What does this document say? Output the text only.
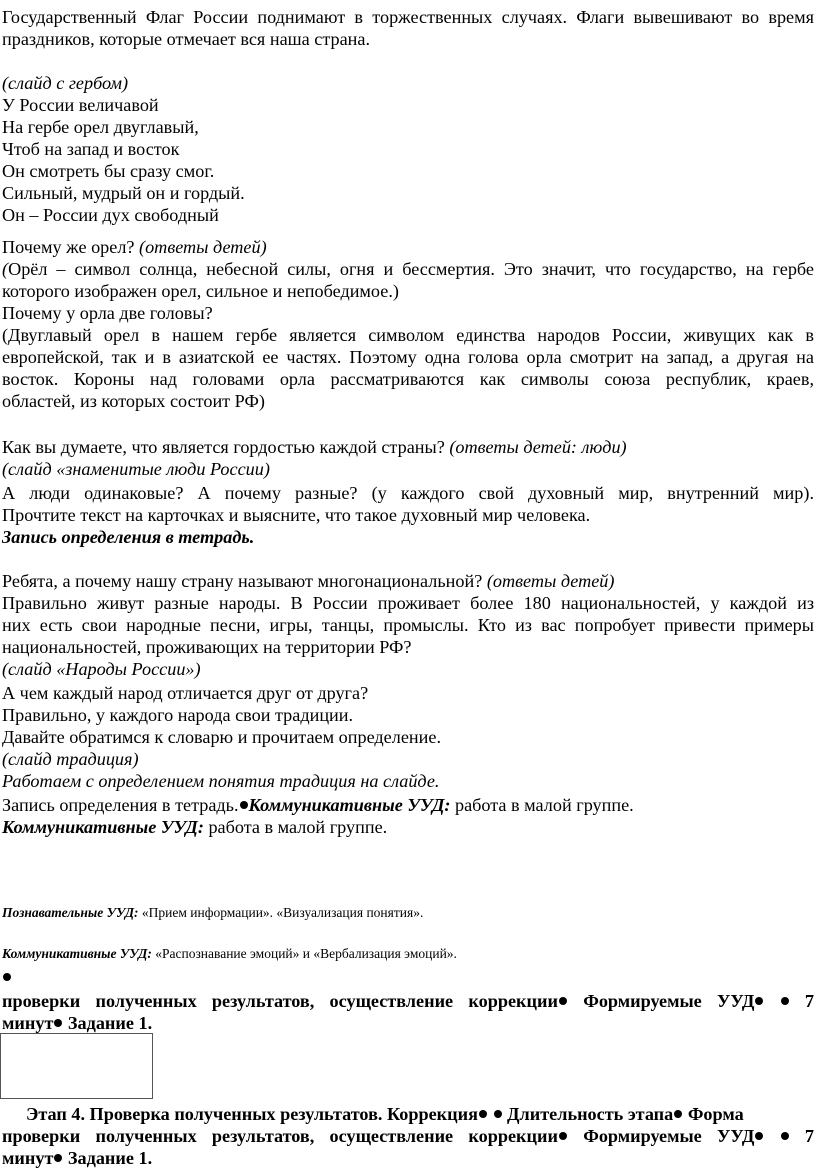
Государственный Флаг России поднимают в торжественных случаях. Флаги вывешивают во время
праздников, которые отмечает вся наша страна.
(слайд с гербом)
У России величавой
На гербе орел двуглавый,
Чтоб на запад и восток
Он смотреть бы сразу смог.
Сильный, мудрый он и гордый.
Он – России дух свободный
Почему же орел? (ответы детей)
(Орёл – символ солнца, небесной силы, огня и бессмертия. Это значит, что государство, на гербе
которого изображен орел, сильное и непобедимое.)
Почему у орла две головы?
(Двуглавый орел в нашем гербе является символом единства народов России, живущих как в
европейской, так и в азиатской ее частях. Поэтому одна голова орла смотрит на запад, а другая на
восток. Короны над головами орла рассматриваются как символы союза республик, краев,
областей, из которых состоит РФ)
Как вы думаете, что является гордостью каждой страны? (ответы детей: люди)
(слайд «знаменитые люди России)
А люди одинаковые? А почему разные? (у каждого свой духовный мир, внутренний мир).
Прочтите текст на карточках и выясните, что такое духовный мир человека.
Запись определения в тетрадь.
Ребята, а почему нашу страну называют многонациональной? (ответы детей)
Правильно живут разные народы. В России проживает более 180 национальностей, у каждой из
них есть свои народные песни, игры, танцы, промыслы. Кто из вас попробует привести примеры
национальностей, проживающих на территории РФ?
(слайд «Народы России»)
А чем каждый народ отличается друг от друга?
Правильно, у каждого народа свои традиции.
Давайте обратимся к словарю и прочитаем определение.
(слайд традиция)
Работаем с определением понятия традиция на слайде.
Запись определения в тетрадь. Коммуникативные УУД: работа в малой группе.
Коммуникативные УУД: работа в малой группе.
Познавательные УУД: «Прием информации». «Визуализация понятия».
Коммуникативные УУД: «Распознавание эмоций» и «Вербализация эмоций».
проверки полученных результатов, осуществление коррекции Формируемые УУД  7
минут Задание 1.
Этап 4. Проверка полученных результатов. Коррекция  Длительность этапа Форма
проверки полученных результатов, осуществление коррекции Формируемые УУД  7
минут Задание 1.
